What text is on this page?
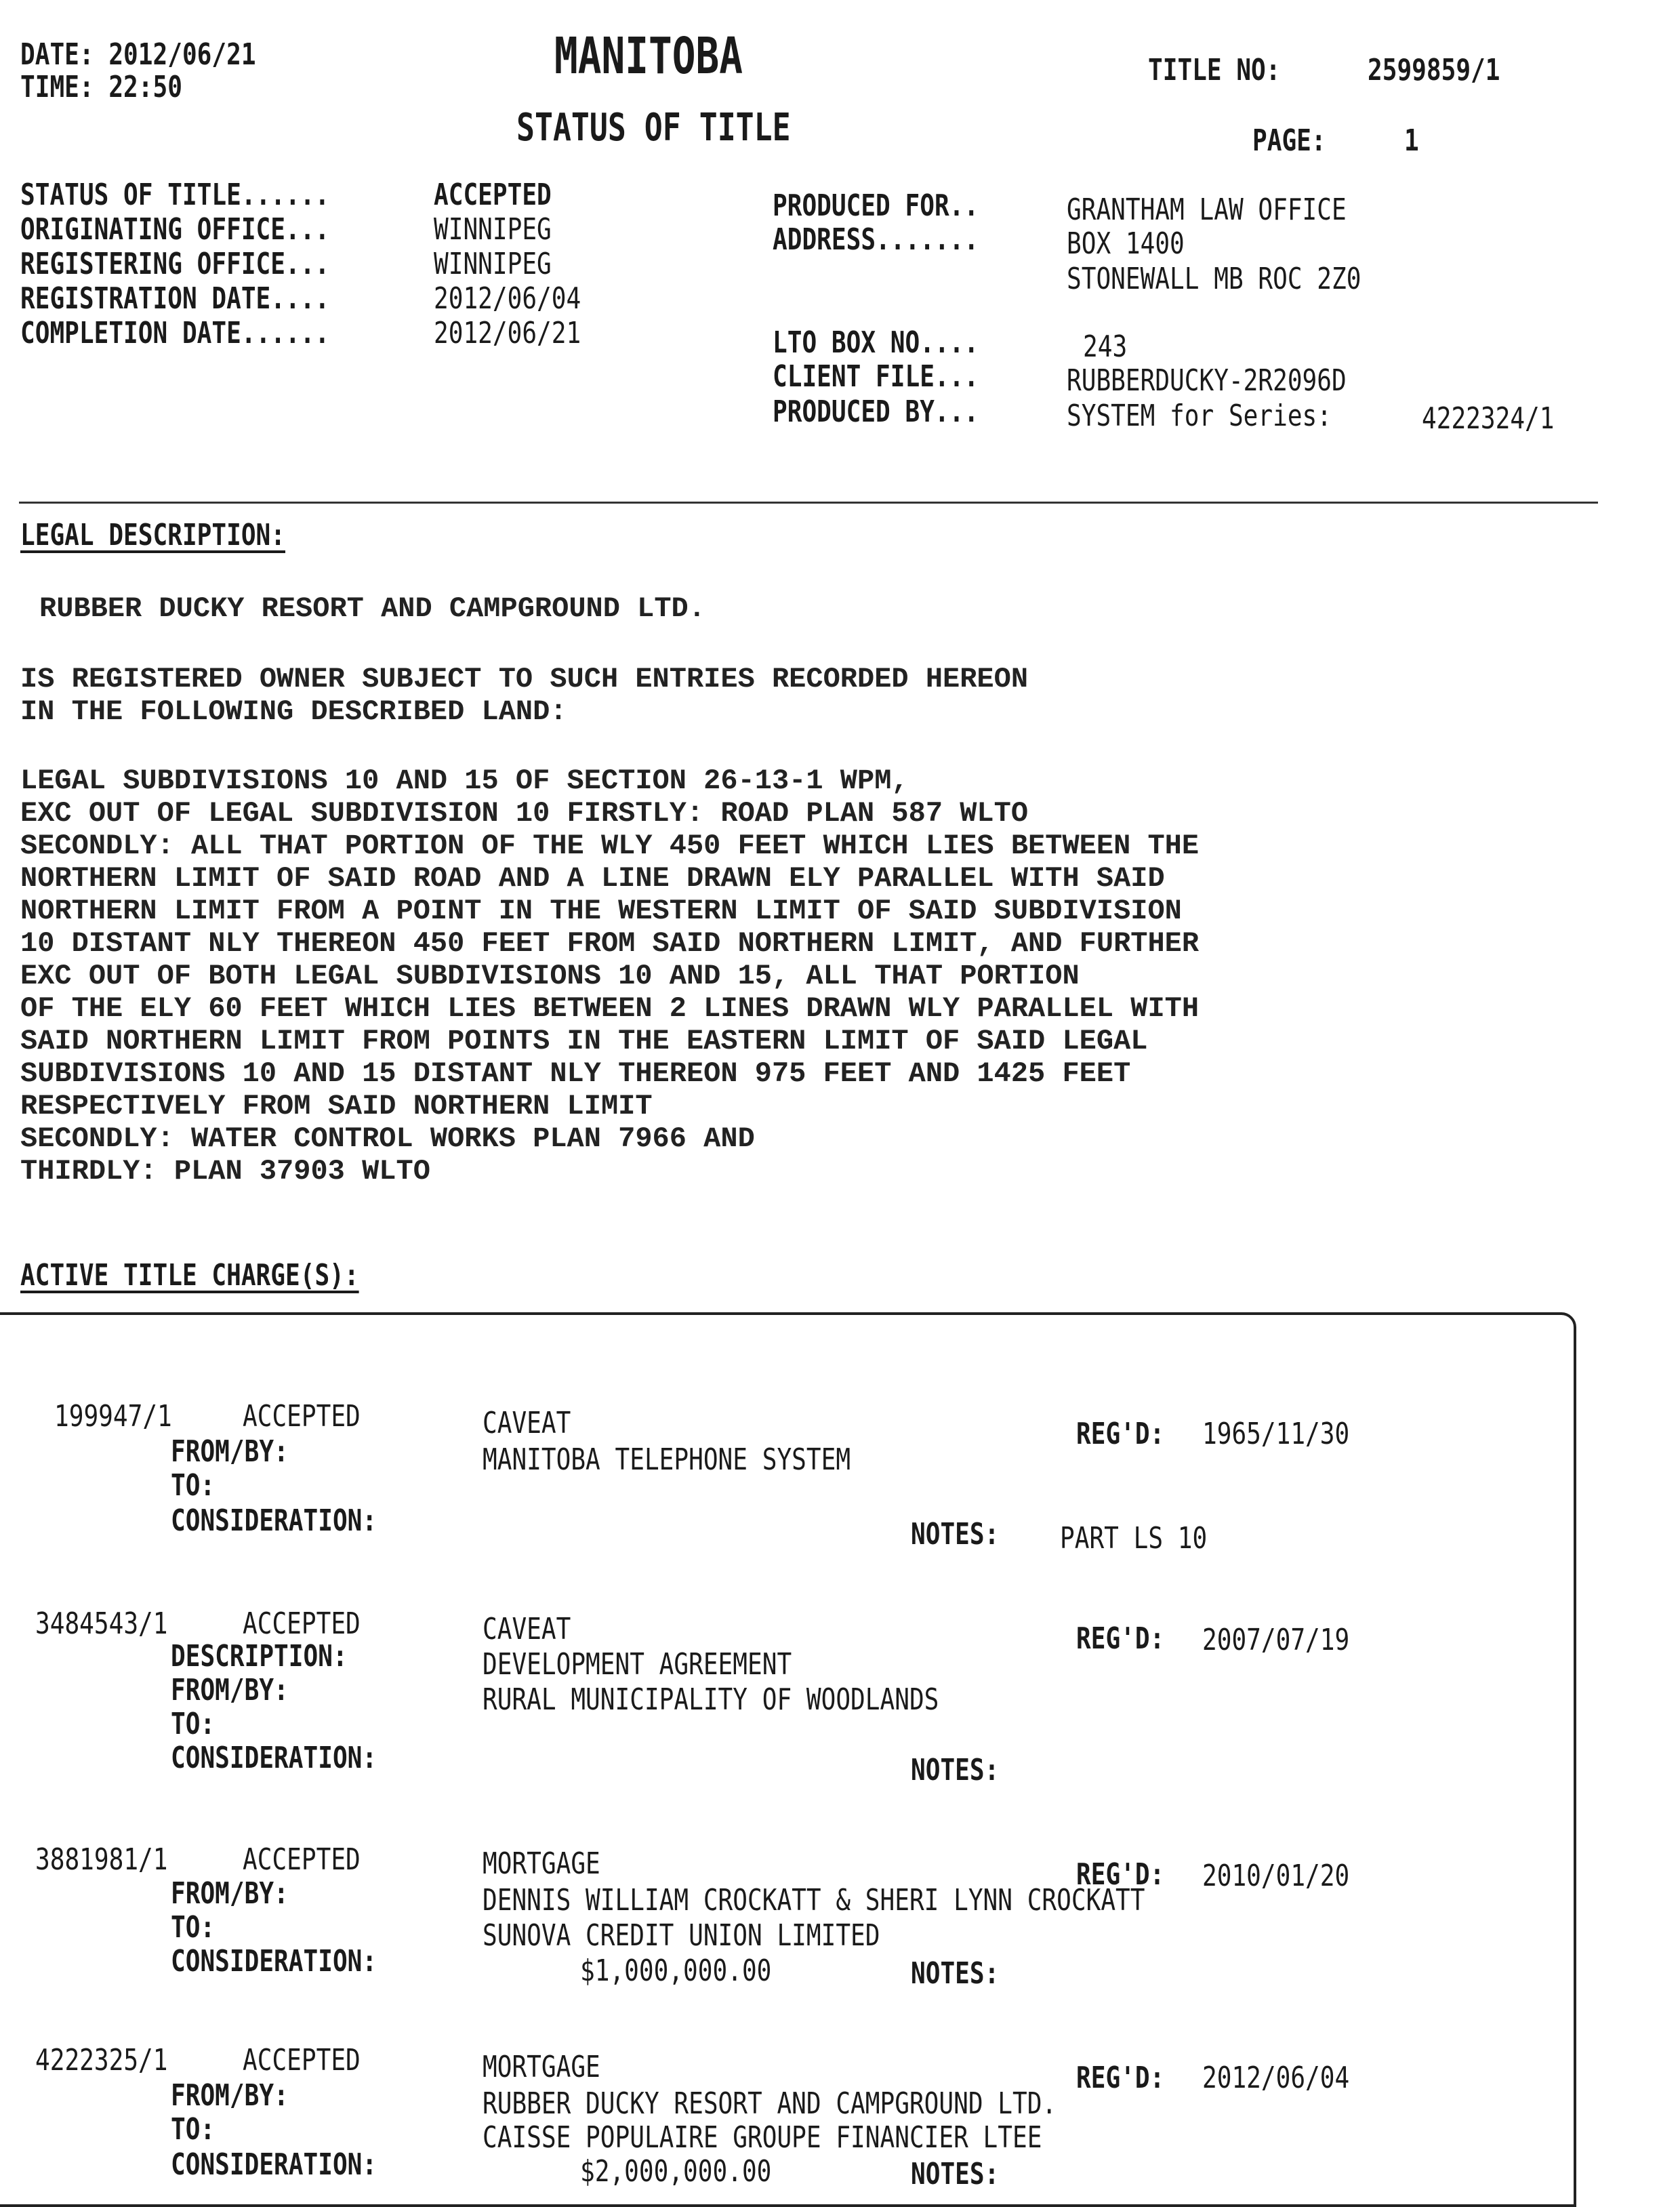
DATE: 2012/06/21
TIME: 22:50
MANITOBA
STATUS OF TITLE
TITLE NO:	2599859/1
PAGE:	1
STATUS OF TITLE......	ACCEPTED
ORIGINATING OFFICE...	WINNIPEG
REGISTERING OFFICE...	WINNIPEG
REGISTRATION DATE....	2012/06/04
COMPLETION DATE......	2012/06/21
PRODUCED FOR..	GRANTHAM LAW OFFICE
ADDRESS.......	BOX 1400
STONEWALL MB ROC 2Z0
LTO BOX NO....	243
CLIENT FILE...	RUBBERDUCKY-2R2096D
PRODUCED BY...	SYSTEM for Series:	4222324/1
LEGAL DESCRIPTION:
RUBBER DUCKY RESORT AND CAMPGROUND LTD.
IS REGISTERED OWNER SUBJECT TO SUCH ENTRIES RECORDED HEREON
IN THE FOLLOWING DESCRIBED LAND:
LEGAL SUBDIVISIONS 10 AND 15 OF SECTION 26-13-1 WPM,
EXC OUT OF LEGAL SUBDIVISION 10 FIRSTLY: ROAD PLAN 587 WLTO
SECONDLY: ALL THAT PORTION OF THE WLY 450 FEET WHICH LIES BETWEEN THE
NORTHERN LIMIT OF SAID ROAD AND A LINE DRAWN ELY PARALLEL WITH SAID
NORTHERN LIMIT FROM A POINT IN THE WESTERN LIMIT OF SAID SUBDIVISION
10 DISTANT NLY THEREON 450 FEET FROM SAID NORTHERN LIMIT, AND FURTHER
EXC OUT OF BOTH LEGAL SUBDIVISIONS 10 AND 15, ALL THAT PORTION
OF THE ELY 60 FEET WHICH LIES BETWEEN 2 LINES DRAWN WLY PARALLEL WITH
SAID NORTHERN LIMIT FROM POINTS IN THE EASTERN LIMIT OF SAID LEGAL
SUBDIVISIONS 10 AND 15 DISTANT NLY THEREON 975 FEET AND 1425 FEET
RESPECTIVELY FROM SAID NORTHERN LIMIT
SECONDLY: WATER CONTROL WORKS PLAN 7966 AND
THIRDLY: PLAN 37903 WLTO
ACTIVE TITLE CHARGE(S):
199947/1 ACCEPTED	CAVEAT	REG'D: 1965/11/30
FROM/BY:	MANITOBA TELEPHONE SYSTEM
TO:
CONSIDERATION:	NOTES: PART LS 10
3484543/1	ACCEPTED	CAVEAT	REG'D: 2007/07/19
DESCRIPTION:	DEVELOPMENT AGREEMENT
FROM/BY:	RURAL MUNICIPALITY OF WOODLANDS
TO:
CONSIDERATION:	NOTES:
3881981/1	ACCEPTED	MORTGAGE	REG'D: 2010/01/20
FROM/BY:	DENNIS WILLIAM CROCKATT & SHERI LYNN CROCKATT
TO:	SUNOVA CREDIT UNION LIMITED
CONSIDERATION:	$1,000,000.00	NOTES:
4222325/1	ACCEPTED	MORTGAGE	REG'D: 2012/06/04
FROM/BY:	RUBBER DUCKY RESORT AND CAMPGROUND LTD.
TO:	CAISSE POPULAIRE GROUPE FINANCIER LTEE
CONSIDERATION:	$2,000,000.00	NOTES:
